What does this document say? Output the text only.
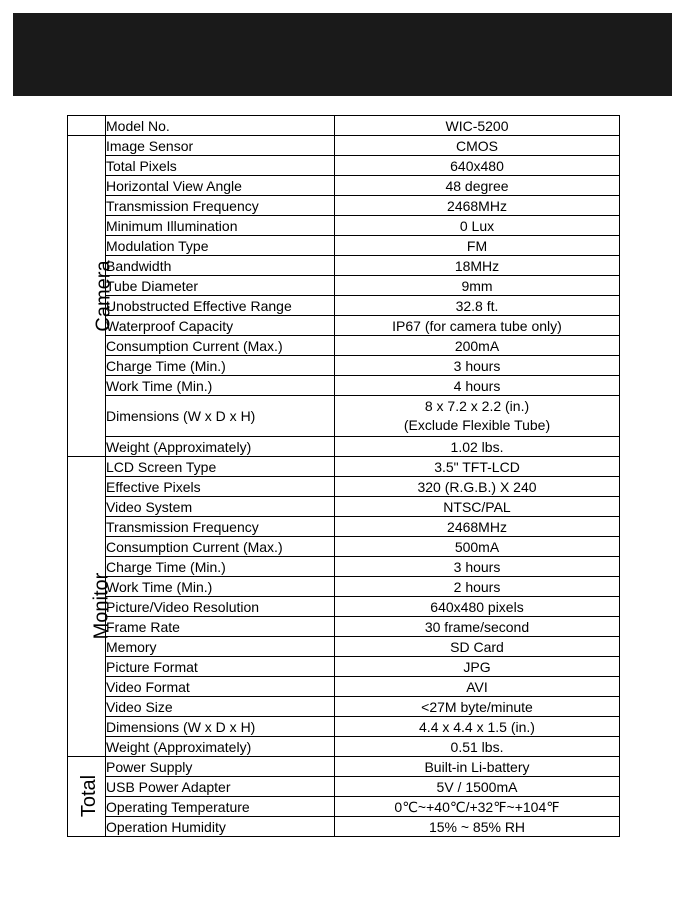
	Model No.	WIC-5200
Camera	Image Sensor	CMOS
	Total Pixels	640x480
	Horizontal View Angle	48 degree
	Transmission Frequency	2468MHz
	Minimum Illumination	0 Lux
	Modulation Type	FM
	Bandwidth	18MHz
	Tube Diameter	9mm
	Unobstructed Effective Range	32.8 ft.
	Waterproof Capacity	IP67 (for camera tube only)
	Consumption Current (Max.)	200mA
	Charge Time (Min.)	3 hours
	Work Time (Min.)	4 hours
	Dimensions (W x D x H)	8 x 7.2 x 2.2 (in.)
(Exclude Flexible Tube)

	Weight (Approximately)	1.02 lbs.
Monitor	LCD Screen Type	3.5" TFT-LCD
	Effective Pixels	320 (R.G.B.) X 240
	Video System	NTSC/PAL
	Transmission Frequency	2468MHz
	Consumption Current (Max.)	500mA
	Charge Time (Min.)	3 hours
	Work Time (Min.)	2 hours
	Picture/Video Resolution	640x480 pixels
	Frame Rate	30 frame/second
	Memory	SD Card
	Picture Format	JPG
	Video Format	AVI
	Video Size	<27M byte/minute
	Dimensions (W x D x H)	4.4 x 4.4 x 1.5 (in.)
	Weight (Approximately)	0.51 lbs.
Total	Power Supply	Built-in Li-battery
	USB Power Adapter	5V / 1500mA
	Operating Temperature	0℃~+40℃/+32℉~+104℉
	Operation Humidity	15% ~ 85% RH
